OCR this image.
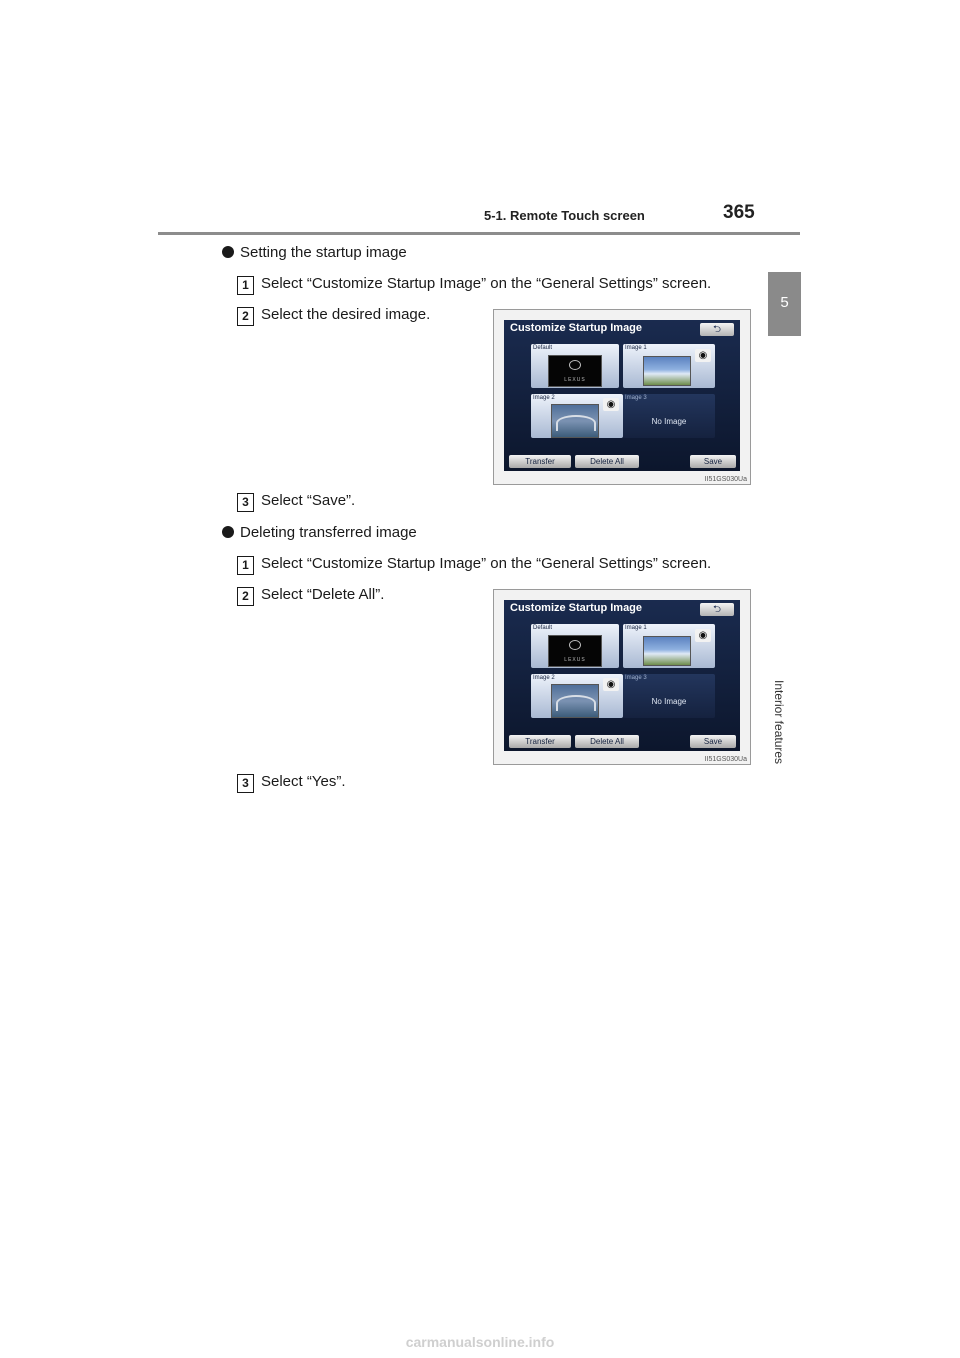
5-1. Remote Touch screen	365
5
Interior features
Setting the startup image
1 Select “Customize Startup Image” on the “General Settings” screen.
2 Select the desired image.
Customize Startup Image	⮌
Default
LEXUS
Image 1
◉
Image 2
◉
Image 3
No Image
Transfer	Delete All	Save
II51GS030Ua
3 Select “Save”.
Deleting transferred image
1 Select “Customize Startup Image” on the “General Settings” screen.
2 Select “Delete All”.
Customize Startup Image	⮌
Default
LEXUS
Image 1
◉
Image 2
◉
Image 3
No Image
Transfer	Delete All	Save
II51GS030Ua
3 Select “Yes”.
carmanualsonline.info
